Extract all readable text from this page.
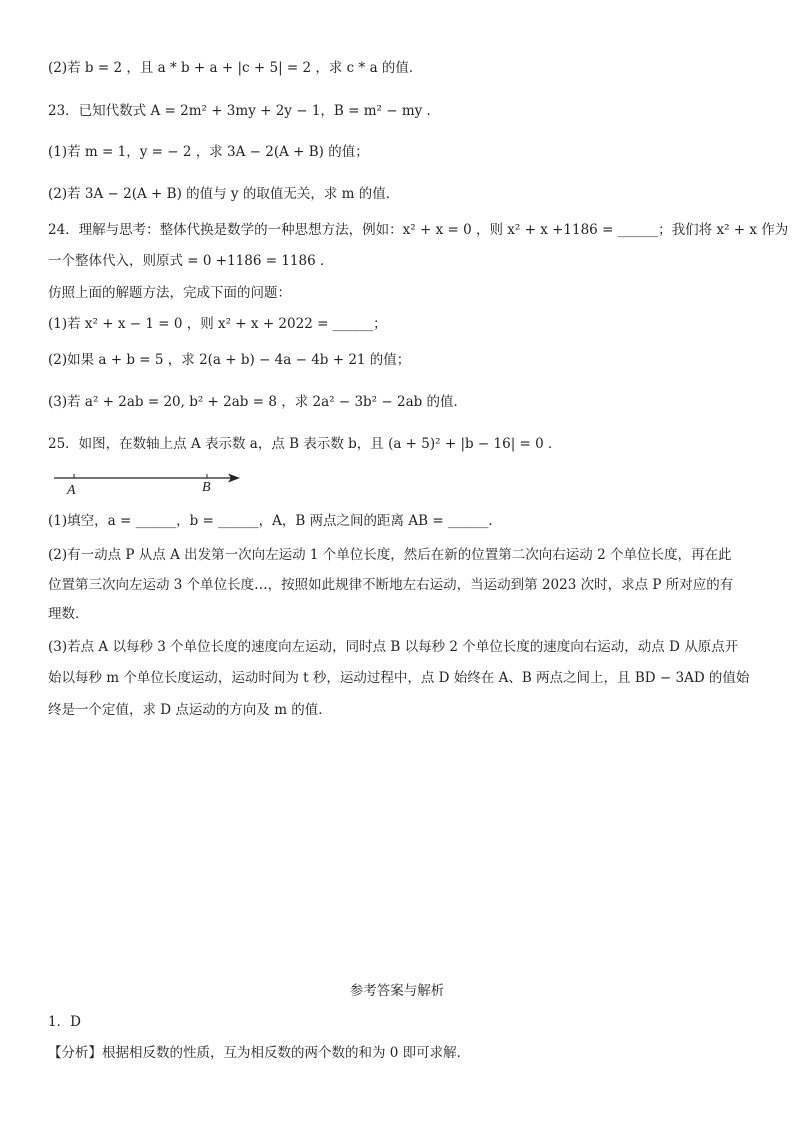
(2)若 b = 2 ，且 a * b + a + |c + 5| = 2 ，求 c * a 的值．
23．已知代数式 A = 2m² + 3my + 2y − 1，B = m² − my ．
(1)若 m = 1，y = − 2 ，求 3A − 2(A + B) 的值；
(2)若 3A − 2(A + B) 的值与 y 的取值无关，求 m 的值．
24．理解与思考：整体代换是数学的一种思想方法，例如：x² + x = 0 ，则 x² + x +1186 = ______；我们将 x² + x 作为
一个整体代入，则原式 = 0 +1186 = 1186 ．
仿照上面的解题方法，完成下面的问题：
(1)若 x² + x − 1 = 0 ，则 x² + x + 2022 = ______；
(2)如果 a + b = 5 ，求 2(a + b) − 4a − 4b + 21 的值；
(3)若 a² + 2ab = 20, b² + 2ab = 8 ，求 2a² − 3b² − 2ab 的值．
25．如图，在数轴上点 A 表示数 a，点 B 表示数 b，且 (a + 5)² + |b − 16| = 0 ．
A	B
(1)填空，a = ______，b = ______，A，B 两点之间的距离 AB = ______．
(2)有一动点 P 从点 A 出发第一次向左运动 1 个单位长度，然后在新的位置第二次向右运动 2 个单位长度，再在此
位置第三次向左运动 3 个单位长度…，按照如此规律不断地左右运动，当运动到第 2023 次时，求点 P 所对应的有
理数．
(3)若点 A 以每秒 3 个单位长度的速度向左运动，同时点 B 以每秒 2 个单位长度的速度向右运动，动点 D 从原点开
始以每秒 m 个单位长度运动，运动时间为 t 秒，运动过程中，点 D 始终在 A、B 两点之间上，且 BD − 3AD 的值始
终是一个定值，求 D 点运动的方向及 m 的值．
参考答案与解析
1．D
【分析】根据相反数的性质，互为相反数的两个数的和为 0 即可求解．
